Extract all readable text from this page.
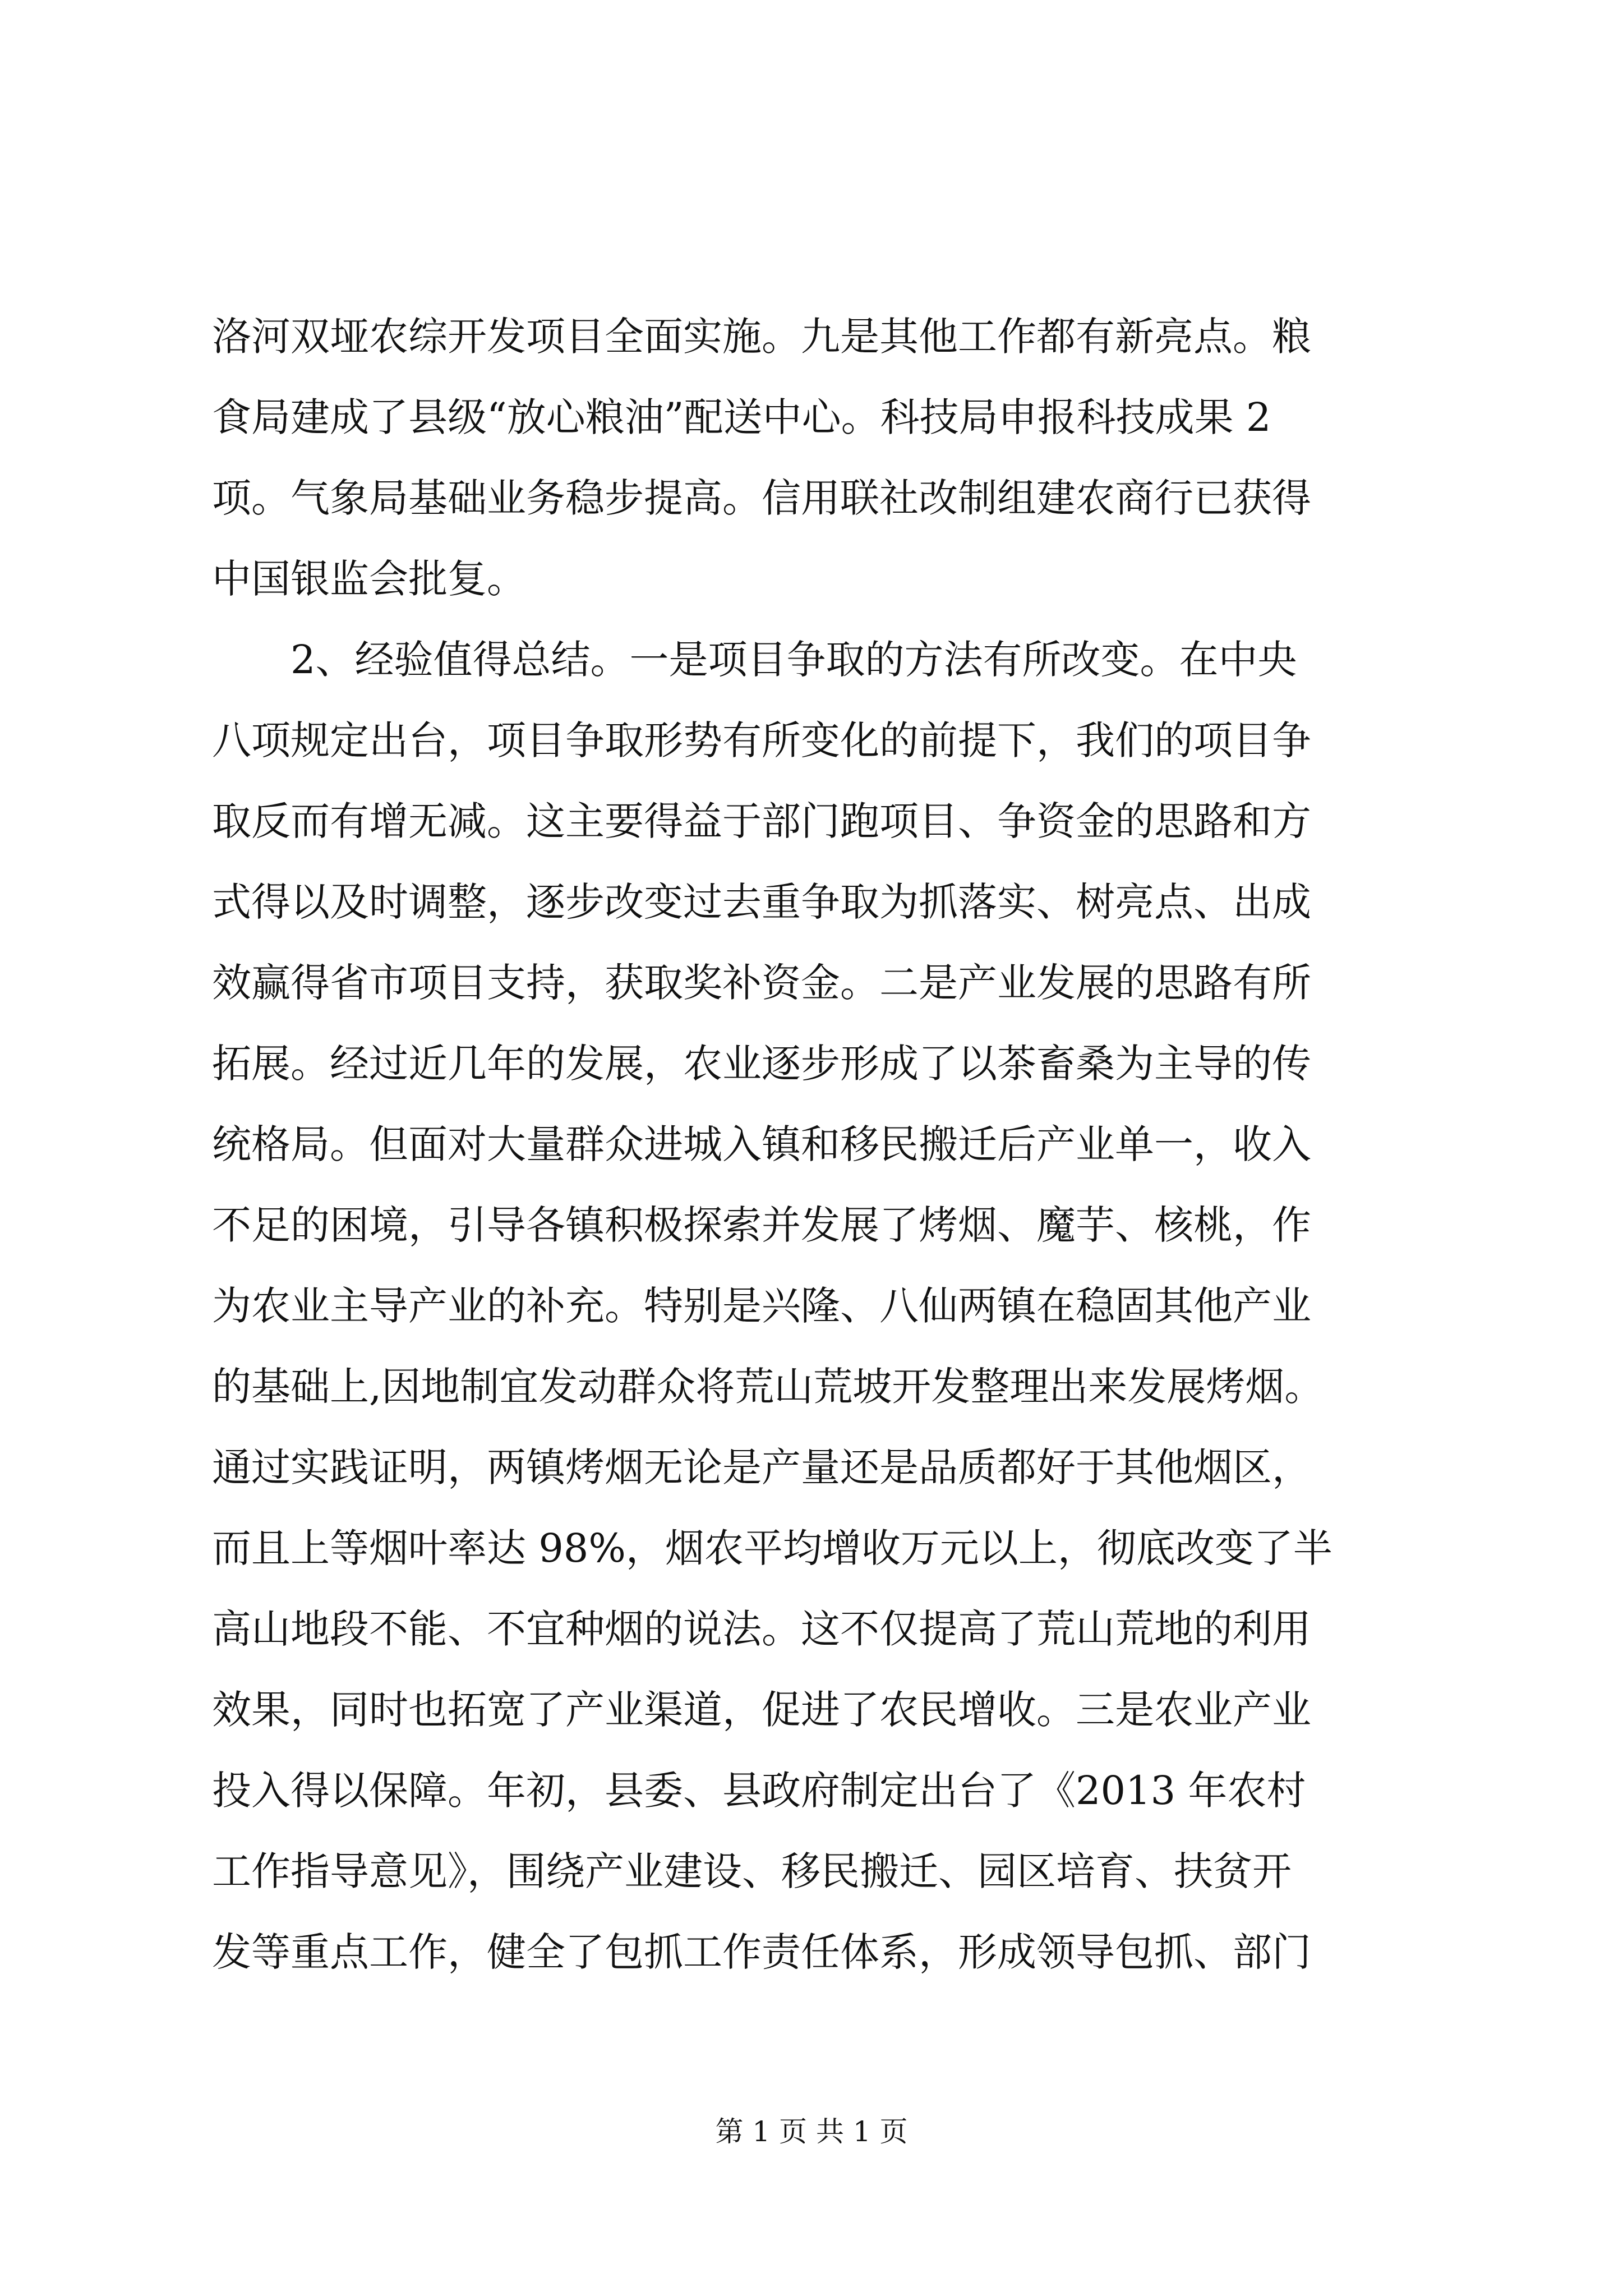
洛河双垭农综开发项目全面实施。九是其他工作都有新亮点。粮
食局建成了县级“放心粮油”配送中心。科技局申报科技成果 2
项。气象局基础业务稳步提高。信用联社改制组建农商行已获得
中国银监会批复。
　　2、经验值得总结。一是项目争取的方法有所改变。在中央
八项规定出台，项目争取形势有所变化的前提下，我们的项目争
取反而有增无减。这主要得益于部门跑项目、争资金的思路和方
式得以及时调整，逐步改变过去重争取为抓落实、树亮点、出成
效赢得省市项目支持，获取奖补资金。二是产业发展的思路有所
拓展。经过近几年的发展，农业逐步形成了以茶畜桑为主导的传
统格局。但面对大量群众进城入镇和移民搬迁后产业单一，收入
不足的困境，引导各镇积极探索并发展了烤烟、魔芋、核桃，作
为农业主导产业的补充。特别是兴隆、八仙两镇在稳固其他产业
的基础上,因地制宜发动群众将荒山荒坡开发整理出来发展烤烟。
通过实践证明，两镇烤烟无论是产量还是品质都好于其他烟区，
而且上等烟叶率达 98%，烟农平均增收万元以上，彻底改变了半
高山地段不能、不宜种烟的说法。这不仅提高了荒山荒地的利用
效果，同时也拓宽了产业渠道，促进了农民增收。三是农业产业
投入得以保障。年初，县委、县政府制定出台了《2013 年农村
工作指导意见》，围绕产业建设、移民搬迁、园区培育、扶贫开
发等重点工作，健全了包抓工作责任体系，形成领导包抓、部门
第 1 页 共 1 页
